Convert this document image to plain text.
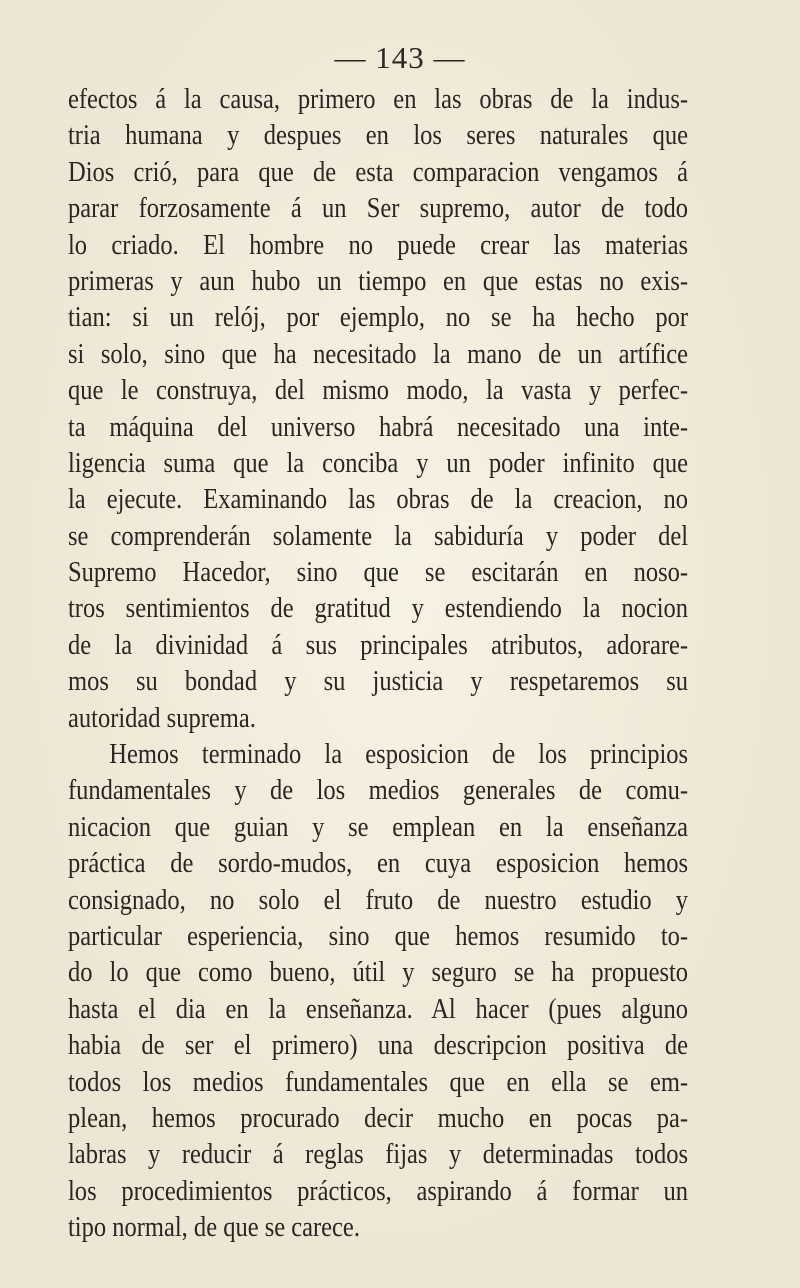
— 143 —
efectos á la causa, primero en las obras de la indus-
tria humana y despues en los seres naturales que
Dios crió, para que de esta comparacion vengamos á
parar forzosamente á un Ser supremo, autor de todo
lo criado. El hombre no puede crear las materias
primeras y aun hubo un tiempo en que estas no exis-
tian: si un relój, por ejemplo, no se ha hecho por
si solo, sino que ha necesitado la mano de un artífice
que le construya, del mismo modo, la vasta y perfec-
ta máquina del universo habrá necesitado una inte-
ligencia suma que la conciba y un poder infinito que
la ejecute. Examinando las obras de la creacion, no
se comprenderán solamente la sabiduría y poder del
Supremo Hacedor, sino que se escitarán en noso-
tros sentimientos de gratitud y estendiendo la nocion
de la divinidad á sus principales atributos, adorare-
mos su bondad y su justicia y respetaremos su
autoridad suprema.
Hemos terminado la esposicion de los principios
fundamentales y de los medios generales de comu-
nicacion que guian y se emplean en la enseñanza
práctica de sordo-mudos, en cuya esposicion hemos
consignado, no solo el fruto de nuestro estudio y
particular esperiencia, sino que hemos resumido to-
do lo que como bueno, útil y seguro se ha propuesto
hasta el dia en la enseñanza. Al hacer (pues alguno
habia de ser el primero) una descripcion positiva de
todos los medios fundamentales que en ella se em-
plean, hemos procurado decir mucho en pocas pa-
labras y reducir á reglas fijas y determinadas todos
los procedimientos prácticos, aspirando á formar un
tipo normal, de que se carece.
